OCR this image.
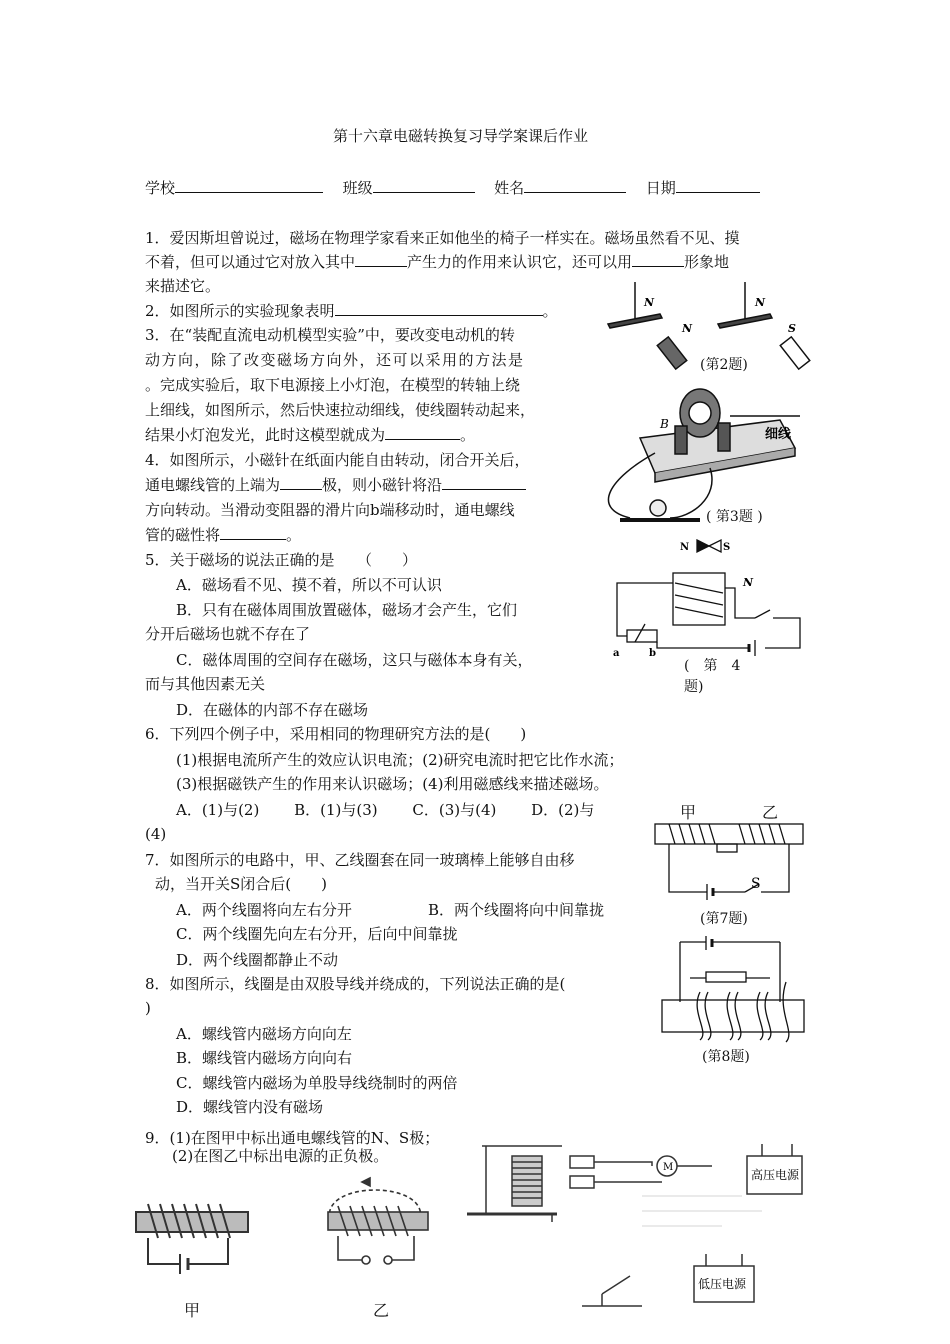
第十六章电磁转换复习导学案课后作业
学校	班级	姓名	日期
1．爱因斯坦曾说过，磁场在物理学家看来正如他坐的椅子一样实在。磁场虽然看不见、摸
不着，但可以通过它对放入其中	产生力的作用来认识它，还可以用	形象地
来描述它。
2．如图所示的实验现象表明	。
3．在“装配直流电动机模型实验”中，要改变电动机的转
动方向，除了改变磁场方向外，还可以采用的方法是
。完成实验后，取下电源接上小灯泡，在模型的转轴上绕
上细线，如图所示，然后快速拉动细线，使线圈转动起来，
结果小灯泡发光，此时这模型就成为	。
4．如图所示，小磁针在纸面内能自由转动，闭合开关后，
通电螺线管的上端为	极，则小磁针将沿
方向转动。当滑动变阻器的滑片向b端移动时，通电螺线
管的磁性将	。
5．关于磁场的说法正确的是　　（　　）
A．磁场看不见、摸不着，所以不可认识
B．只有在磁体周围放置磁体，磁场才会产生，它们
分开后磁场也就不存在了
C．磁体周围的空间存在磁场，这只与磁体本身有关，
而与其他因素无关
D．在磁体的内部不存在磁场
6．下列四个例子中，采用相同的物理研究方法的是(　　)
(1)根据电流所产生的效应认识电流；(2)研究电流时把它比作水流；
(3)根据磁铁产生的作用来认识磁场；(4)利用磁感线来描述磁场。
A．(1)与(2)　　 B．(1)与(3)　　 C．(3)与(4)　　 D．(2)与
(4)
7．如图所示的电路中，甲、乙线圈套在同一玻璃棒上能够自由移
动，当开关S闭合后(　　)
A．两个线圈将向左右分开	B．两个线圈将向中间靠拢
C．两个线圈先向左右分开，后向中间靠拢
D．两个线圈都静止不动
8．如图所示，线圈是由双股导线并绕成的，下列说法正确的是(
)
A．螺线管内磁场方向向左
B．螺线管内磁场方向向右
C．螺线管内磁场为单股导线绕制时的两倍
D．螺线管内没有磁场
9．(1)在图甲中标出通电螺线管的N、S极；
(2)在图乙中标出电源的正负极。
N
N
N
S
(第2题)
B
细线
( 第3题 )
N	S
N
a	b
(　第　4
题)
甲	乙
S
(第7题)
(第8题)
甲	乙
M
高压电源
低压电源
